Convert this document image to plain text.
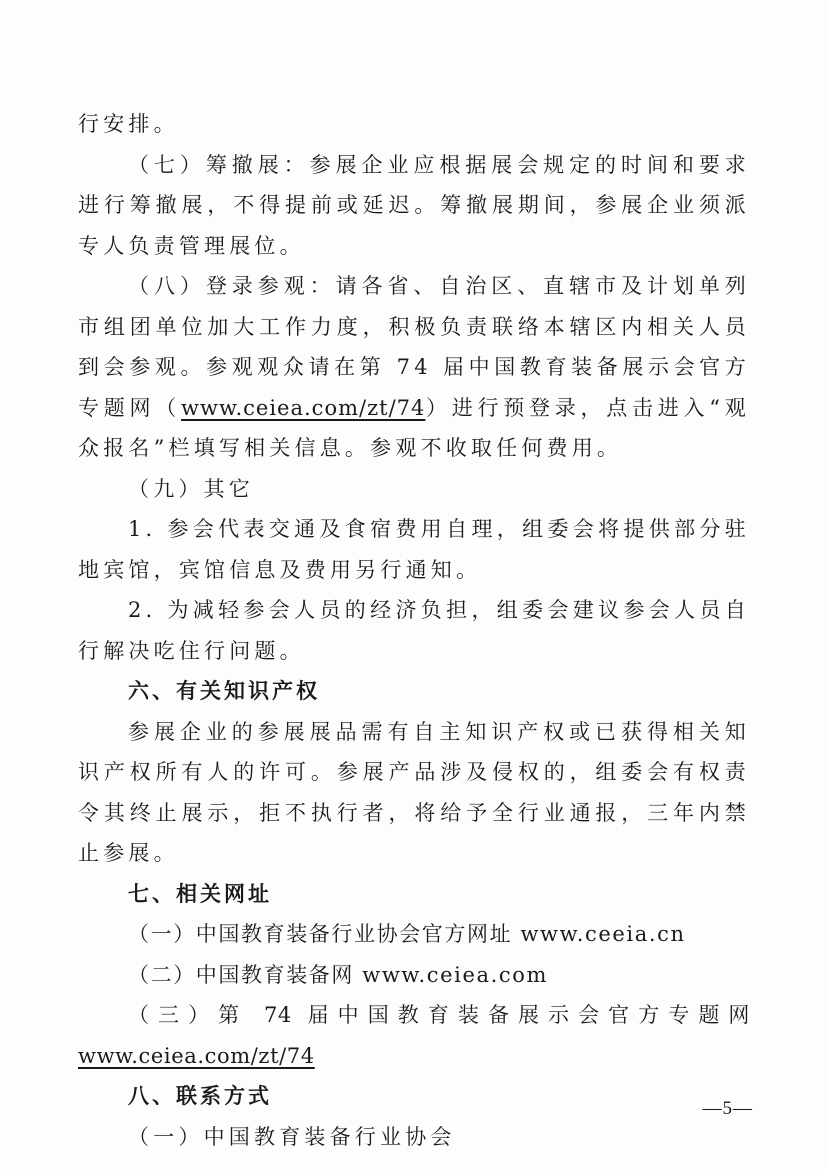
行安排。

（七）筹撤展：参展企业应根据展会规定的时间和要求进行筹撤展，不得提前或延迟。筹撤展期间，参展企业须派专人负责管理展位。

（八）登录参观：请各省、自治区、直辖市及计划单列市组团单位加大工作力度，积极负责联络本辖区内相关人员到会参观。参观观众请在第 74 届中国教育装备展示会官方专题网（www.ceiea.com/zt/74）进行预登录，点击进入“观众报名”栏填写相关信息。参观不收取任何费用。

（九）其它

1. 参会代表交通及食宿费用自理，组委会将提供部分驻地宾馆，宾馆信息及费用另行通知。

2. 为减轻参会人员的经济负担，组委会建议参会人员自行解决吃住行问题。

六、有关知识产权

参展企业的参展展品需有自主知识产权或已获得相关知识产权所有人的许可。参展产品涉及侵权的，组委会有权责令其终止展示，拒不执行者，将给予全行业通报，三年内禁止参展。

七、相关网址

（一）中国教育装备行业协会官方网址 www.ceeia.cn

（二）中国教育装备网 www.ceiea.com

（三）第 74 届中国教育装备展示会官方专题网 www.ceiea.com/zt/74

八、联系方式

（一）中国教育装备行业协会

—5—
